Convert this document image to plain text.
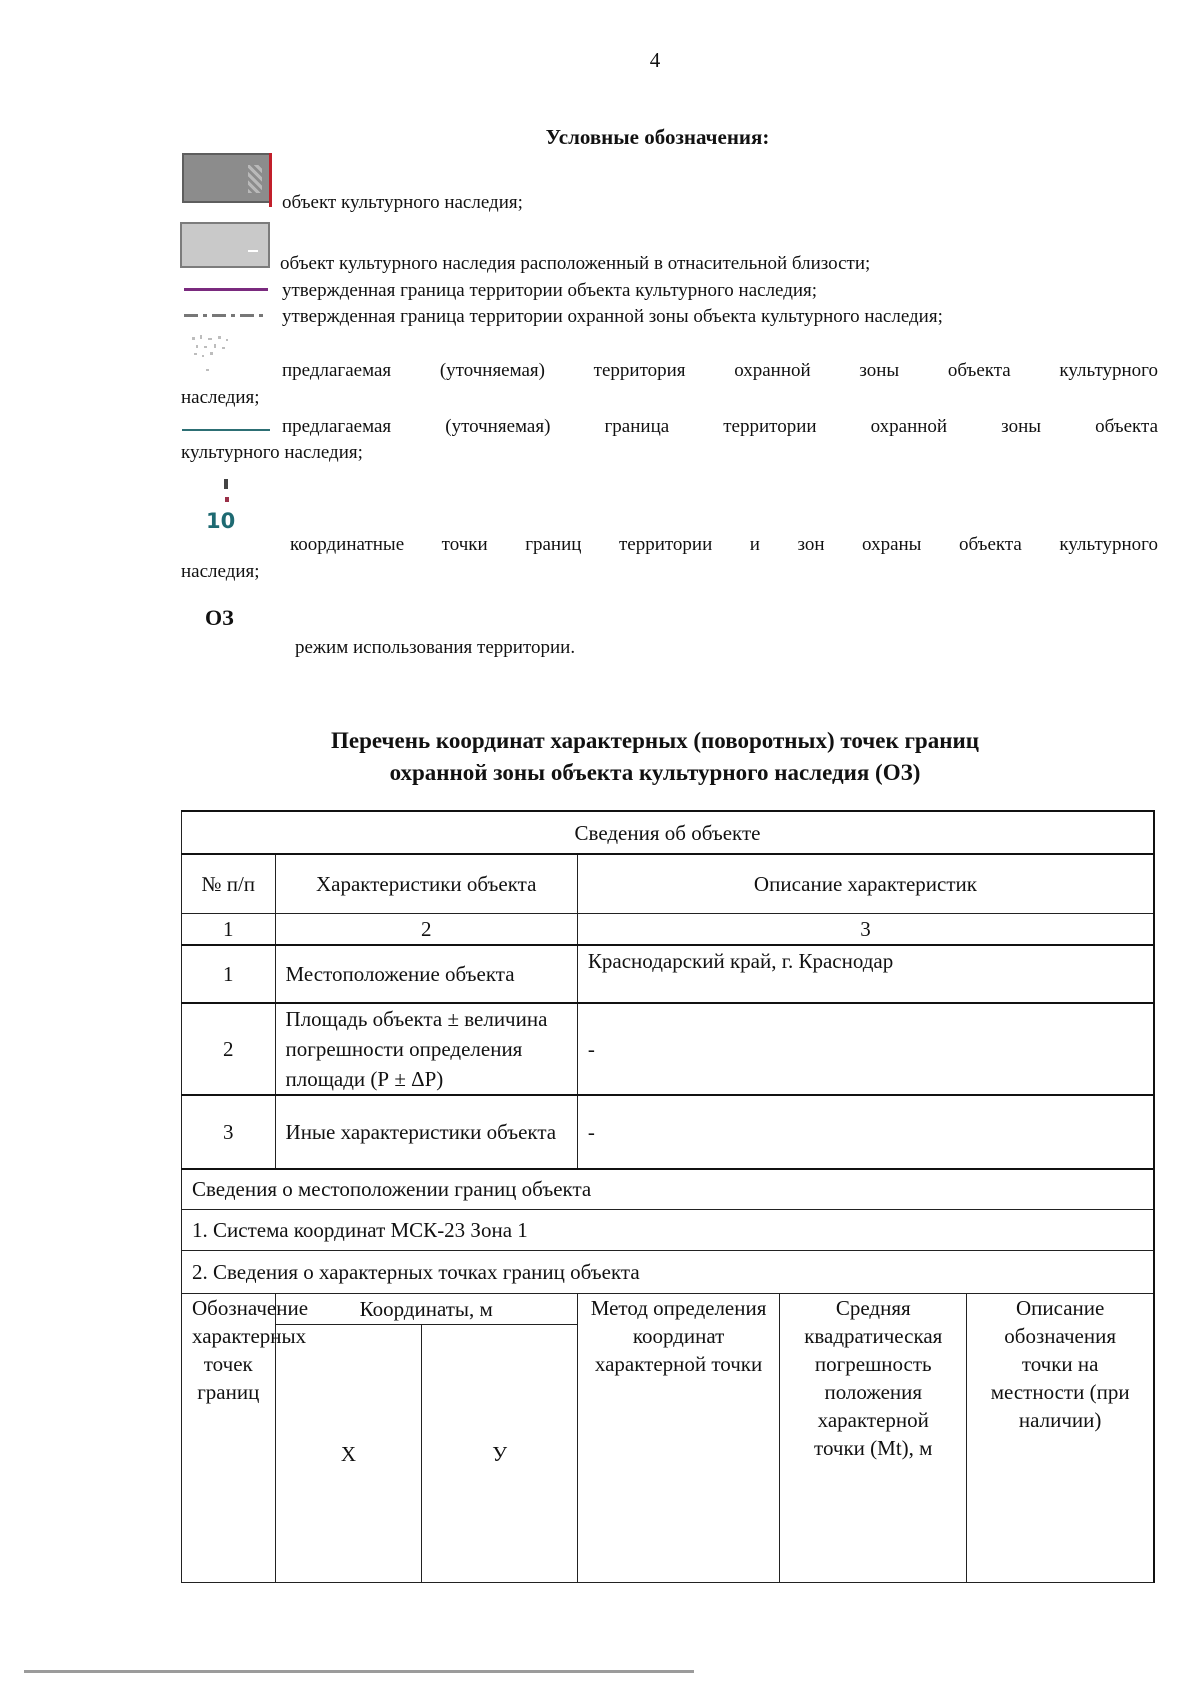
4
Условные обозначения:
объект культурного наследия;
объект культурного наследия расположенный в отнасительной близости;
утвержденная граница территории объекта культурного наследия;
утвержденная граница территории охранной зоны объекта культурного наследия;
предлагаемая (уточняемая) территория охранной зоны объекта культурного
наследия;
предлагаемая (уточняемая) граница территории охранной зоны объекта
культурного наследия;
10
координатные точки границ территории и зон охраны объекта культурного
наследия;
ОЗ
режим использования территории.
Перечень координат характерных (поворотных) точек границ
охранной зоны объекта культурного наследия (ОЗ)
Сведения об объекте					
№ п/п	Характеристики объекта		Описание характеристик		
1	2		3		
1	Местоположение объекта		Краснодарский край, г. Краснодар		
2	Площадь объекта ± величина погрешности определения площади (Р ± ΔР)		-		
3	Иные характеристики объекта		-		
Сведения о местоположении границ объекта					
1. Система координат МСК-23 Зона 1					
2. Сведения о характерных точках границ объекта					
Обозначение характерных точек границ	Координаты, м		Метод определения координат характерной точки	Средняя квадратическая погрешность положения характерной точки (Mt), м	Описание обозначения точки на местности (при наличии)
	X	У			
